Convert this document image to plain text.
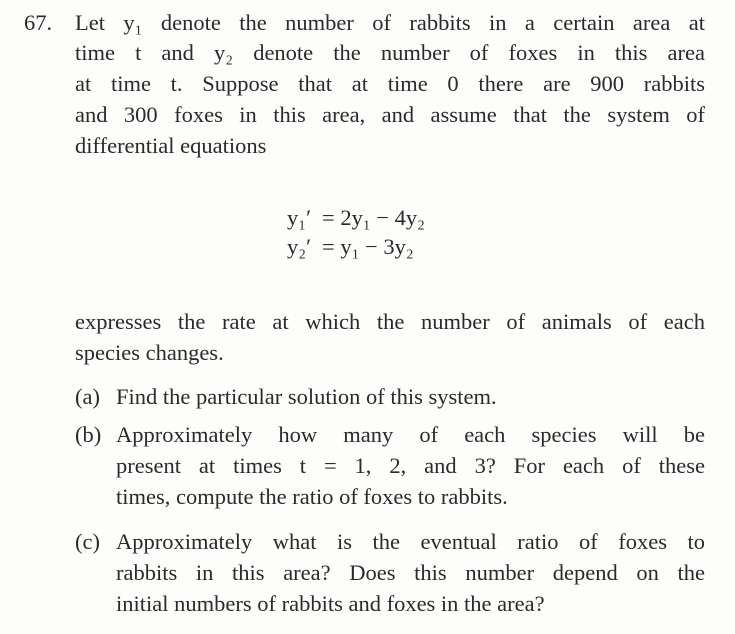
67. Let y₁ denote the number of rabbits in a certain area at
time t and y₂ denote the number of foxes in this area
at time t. Suppose that at time 0 there are 900 rabbits
and 300 foxes in this area, and assume that the system of
differential equations
y₁′ = 2y₁ − 4y₂
y₂′ = y₁ − 3y₂
expresses the rate at which the number of animals of each
species changes.
(a) Find the particular solution of this system.
(b) Approximately how many of each species will be
present at times t = 1, 2, and 3? For each of these
times, compute the ratio of foxes to rabbits.
(c) Approximately what is the eventual ratio of foxes to
rabbits in this area? Does this number depend on the
initial numbers of rabbits and foxes in the area?
